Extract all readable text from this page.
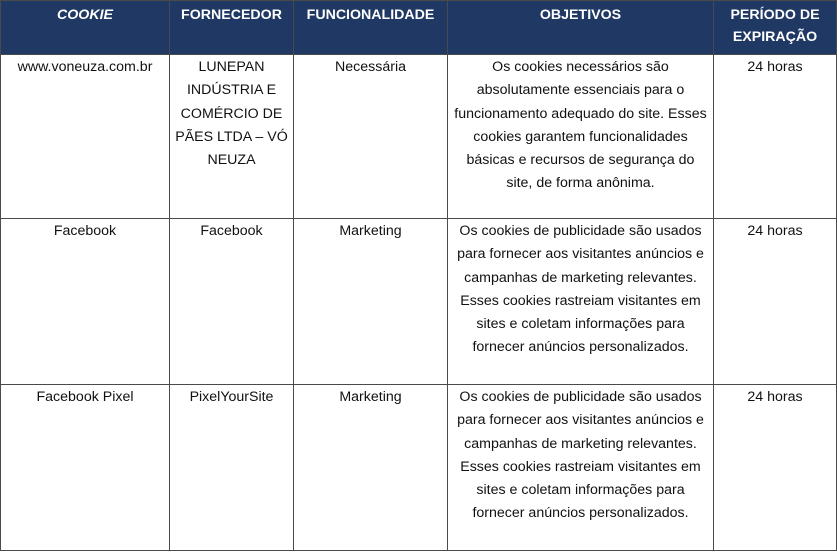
COOKIE	FORNECEDOR	FUNCIONALIDADE	OBJETIVOS	PERÍODO DE EXPIRAÇÃO

www.voneuza.com.br	LUNEPAN INDÚSTRIA E COMÉRCIO DE PÃES LTDA – VÓ NEUZA	Necessária	Os cookies necessários são absolutamente essenciais para o funcionamento adequado do site. Esses cookies garantem funcionalidades básicas e recursos de segurança do site, de forma anônima.	24 horas

Facebook	Facebook	Marketing	Os cookies de publicidade são usados para fornecer aos visitantes anúncios e campanhas de marketing relevantes. Esses cookies rastreiam visitantes em sites e coletam informações para fornecer anúncios personalizados.	24 horas

Facebook Pixel	PixelYourSite	Marketing	Os cookies de publicidade são usados para fornecer aos visitantes anúncios e campanhas de marketing relevantes. Esses cookies rastreiam visitantes em sites e coletam informações para fornecer anúncios personalizados.	24 horas
